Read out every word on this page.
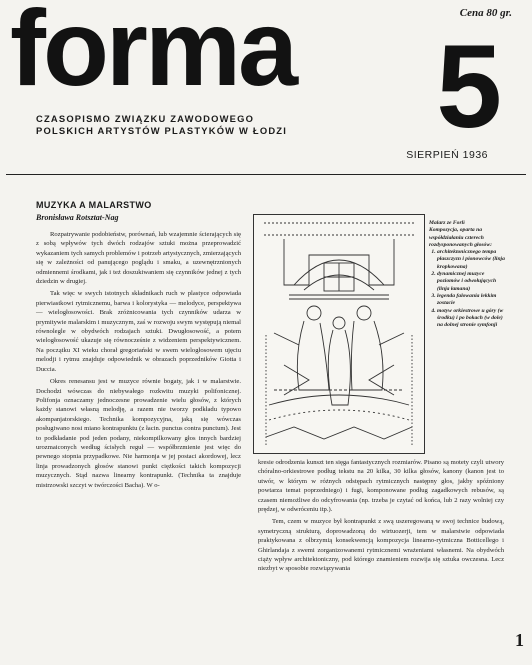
Cena 80 gr.
forma 5
CZASOPISMO ZWIĄZKU ZAWODOWEGO
POLSKICH ARTYSTÓW PLASTYKÓW W ŁODZI
SIERPIEŃ 1936
MUZYKA A MALARSTWO
Bronisława Rotsztat-Nag

Rozpatrywanie podobieństw, porównań, lub wzajemnie ścierających się z sobą wpływów tych dwóch rodzajów sztuki można przeprowadzić wykazaniem tych samych problemów i potrzeb artystycznych, zmierzających się w zależności od panującego poglądu i smaku, a uzewnętrznionych odmiennemi środkami, jak i też doszukiwaniem się czynników jednej z tych dziedzin w drugiej.

Tak więc w swych istotnych składnikach ruch w plastyce odpowiada pierwiastkowi rytmicznemu, barwa i kolorystyka — melodyce, perspektywa — wielogłosowości. Brak zróżnicowania tych czynników udarza w prymitywie malarskim i muzycznym, zaś w rozwoju swym występują niemal równolegle w obydwóch rodzajach sztuki. Dwugłosowość, a potem wielogłosowość ukazuje się równocześnie z widzeniem perspektywicznem. Na początku XI wieku chorał gregoriański w swem wielogłosowem ujęciu melodji i rytmu znajduje odpowiednik w obrazach poprzedników Giotta i Duccia.

Okres renesansu jest w muzyce równie bogaty, jak i w malarstwie. Dochodzi wówczas do niebywałego rozkwitu muzyki polifonicznej. Polifonja oznaczamy jednoczesne prowadzenie wielu głosów, z których każdy stanowi własną melodję, a razem nie tworzy podkładu typowo akompanjatorskiego. Technika kompozycyjna, jaką się wówczas posługiwano nosi miano kontrapunktu (z łacin. punctus contra punctum). Jest to podkładanie pod jeden podany, niekompilkowany głos innych bardziej urozmaiconych według ścisłych reguł — współbrzmienie jest więc do pewnego stopnia przypadkowe. Nie harmonja w jej postaci akordowej, lecz linja prowadzonych głosów stanowi punkt ciężkości takich kompozycji muzycznych. Stąd nazwa linearny kontrapunkt. (Technika ta znajduje mistrzowski szczyt w twórczości Bacha). W o-

Malarz ze Forlì
Kompozycja, oparta na współdziałaniu czterech rozdysponowanych głosów:
1. architektonicznego tempa płaszczyzn i pionowców (linja kropkowana)
2. dynamicznej muzyce poziomów i odwołujących (linja łamana)
3. legenda falowania lekkim zostacie
4. motyw orkiestrowe u góry (w środku) i po bokach (w dole) na dolnej stronie symfonji

kresie odrodzenia kunszt ten sięga fantastycznych rozmiarów. Pisano są motety czyli utwory chóralno-orkiestrowe podług tekstu na 20 kilka, 30 kilka głosów, kanony (kanon jest to utwór, w którym w różnych odstępach rytmicznych następny głos, jakby spóźniony powtarza temat poprzedniego) i fugi, komponowane podług zagadkowych rebusów, są czasem niemożliwe do odcyfrowania (np. trzeba je czytać od końca, lub 2 razy wolniej czy prędzej, w odwróceniu itp.).

Tem, czem w muzyce był kontrapunkt z swą uszeregowaną w swoj technice budową, symetryczną strukturą, doprowadzoną do wirtuozerji, tem w malarstwie odpowiada praktykowana z olbrzymią konsekwencją kompozycja linearno-rytmiczna Botticellego i Ghirlandaja z swemi zorganizowanemi rytmicznemi wrażeniami własnemi. Na obydwóch ciąży wpływ architektoniczny, pod którego znamieniem rozwija się sztuka owczesna. Lecz niezbyt w sposobie rozwiązywania

1
